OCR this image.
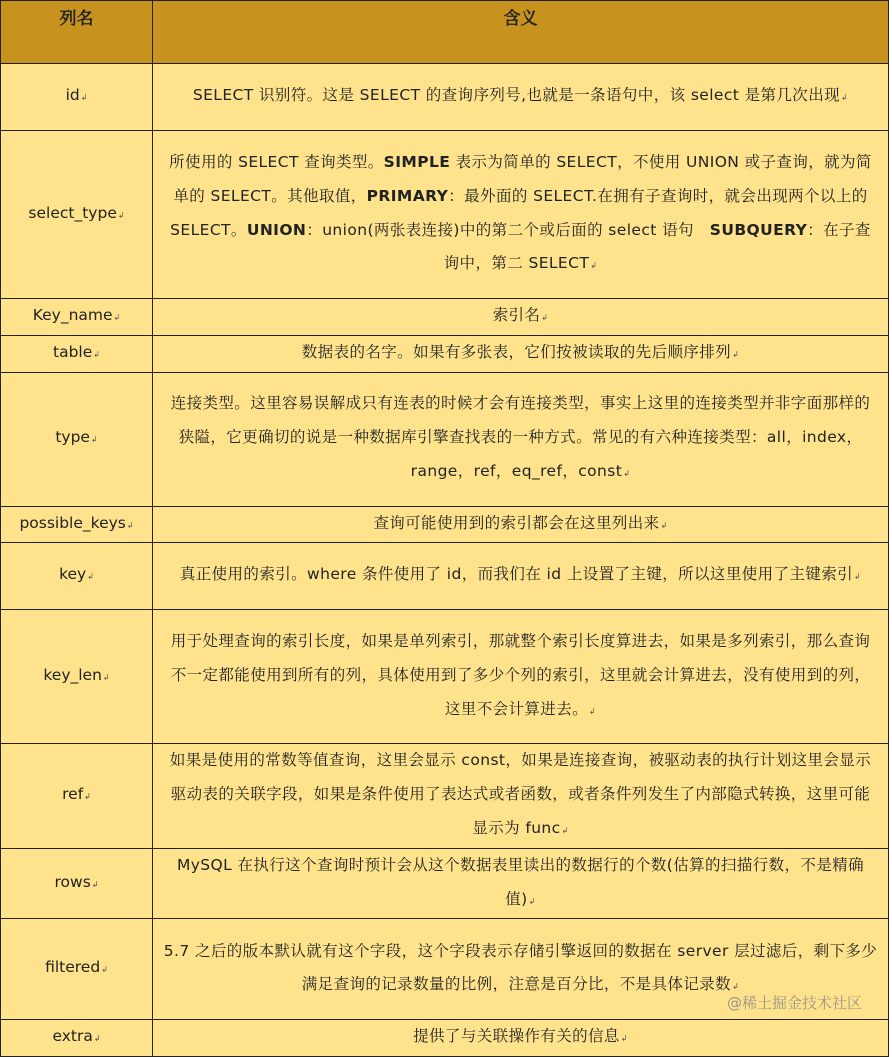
列名	含义
id↲	SELECT 识别符。这是 SELECT 的查询序列号,也就是一条语句中，该 select 是第几次出现↲
select_type↲	所使用的 SELECT 查询类型。SIMPLE 表示为简单的 SELECT，不使用 UNION 或子查询，就为简单的 SELECT。其他取值，PRIMARY：最外面的 SELECT.在拥有子查询时，就会出现两个以上的 SELECT。UNION：union(两张表连接)中的第二个或后面的 select 语句　SUBQUERY：在子查询中，第二 SELECT↲
Key_name↲	索引名↲
table↲	数据表的名字。如果有多张表，它们按被读取的先后顺序排列↲
type↲	连接类型。这里容易误解成只有连表的时候才会有连接类型，事实上这里的连接类型并非字面那样的狭隘，它更确切的说是一种数据库引擎查找表的一种方式。常见的有六种连接类型：all，index，range，ref，eq_ref，const↲
possible_keys↲	查询可能使用到的索引都会在这里列出来↲
key↲	真正使用的索引。where 条件使用了 id，而我们在 id 上设置了主键，所以这里使用了主键索引↲
key_len↲	用于处理查询的索引长度，如果是单列索引，那就整个索引长度算进去，如果是多列索引，那么查询不一定都能使用到所有的列，具体使用到了多少个列的索引，这里就会计算进去，没有使用到的列，这里不会计算进去。↲
ref↲	如果是使用的常数等值查询，这里会显示 const，如果是连接查询，被驱动表的执行计划这里会显示驱动表的关联字段，如果是条件使用了表达式或者函数，或者条件列发生了内部隐式转换，这里可能显示为 func↲
rows↲	MySQL 在执行这个查询时预计会从这个数据表里读出的数据行的个数(估算的扫描行数，不是精确值)↲
filtered↲	5.7 之后的版本默认就有这个字段，这个字段表示存储引擎返回的数据在 server 层过滤后，剩下多少满足查询的记录数量的比例，注意是百分比，不是具体记录数↲
extra↲	提供了与关联操作有关的信息↲
@稀土掘金技术社区
